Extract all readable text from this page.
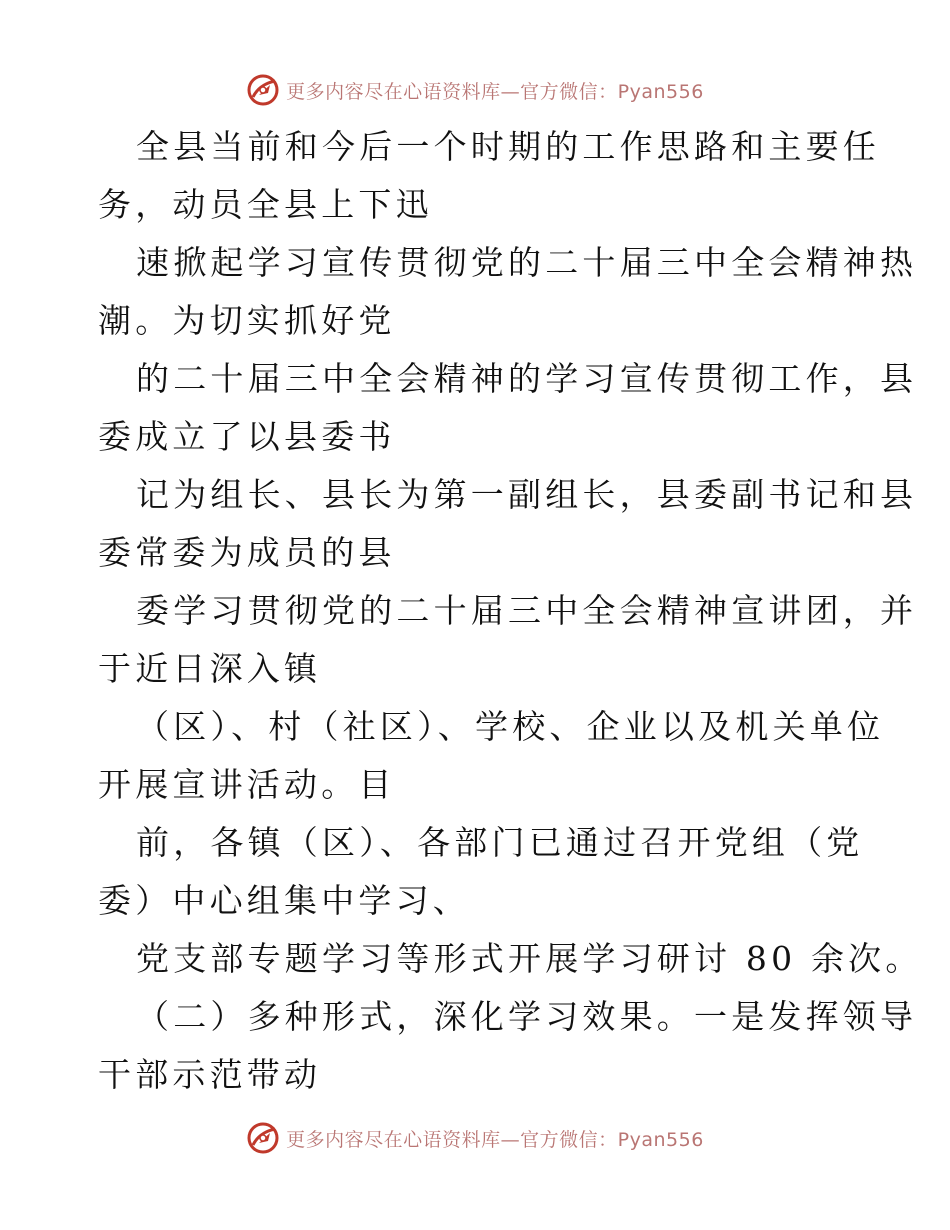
更多内容尽在心语资料库—官方微信：Pyan556
全县当前和今后一个时期的工作思路和主要任
务，动员全县上下迅
速掀起学习宣传贯彻党的二十届三中全会精神热
潮。为切实抓好党
的二十届三中全会精神的学习宣传贯彻工作，县
委成立了以县委书
记为组长、县长为第一副组长，县委副书记和县
委常委为成员的县
委学习贯彻党的二十届三中全会精神宣讲团，并
于近日深入镇
（区）、村（社区）、学校、企业以及机关单位
开展宣讲活动。目
前，各镇（区）、各部门已通过召开党组（党
委）中心组集中学习、
党支部专题学习等形式开展学习研讨 80 余次。
（二）多种形式，深化学习效果。一是发挥领导
干部示范带动
更多内容尽在心语资料库—官方微信：Pyan556
